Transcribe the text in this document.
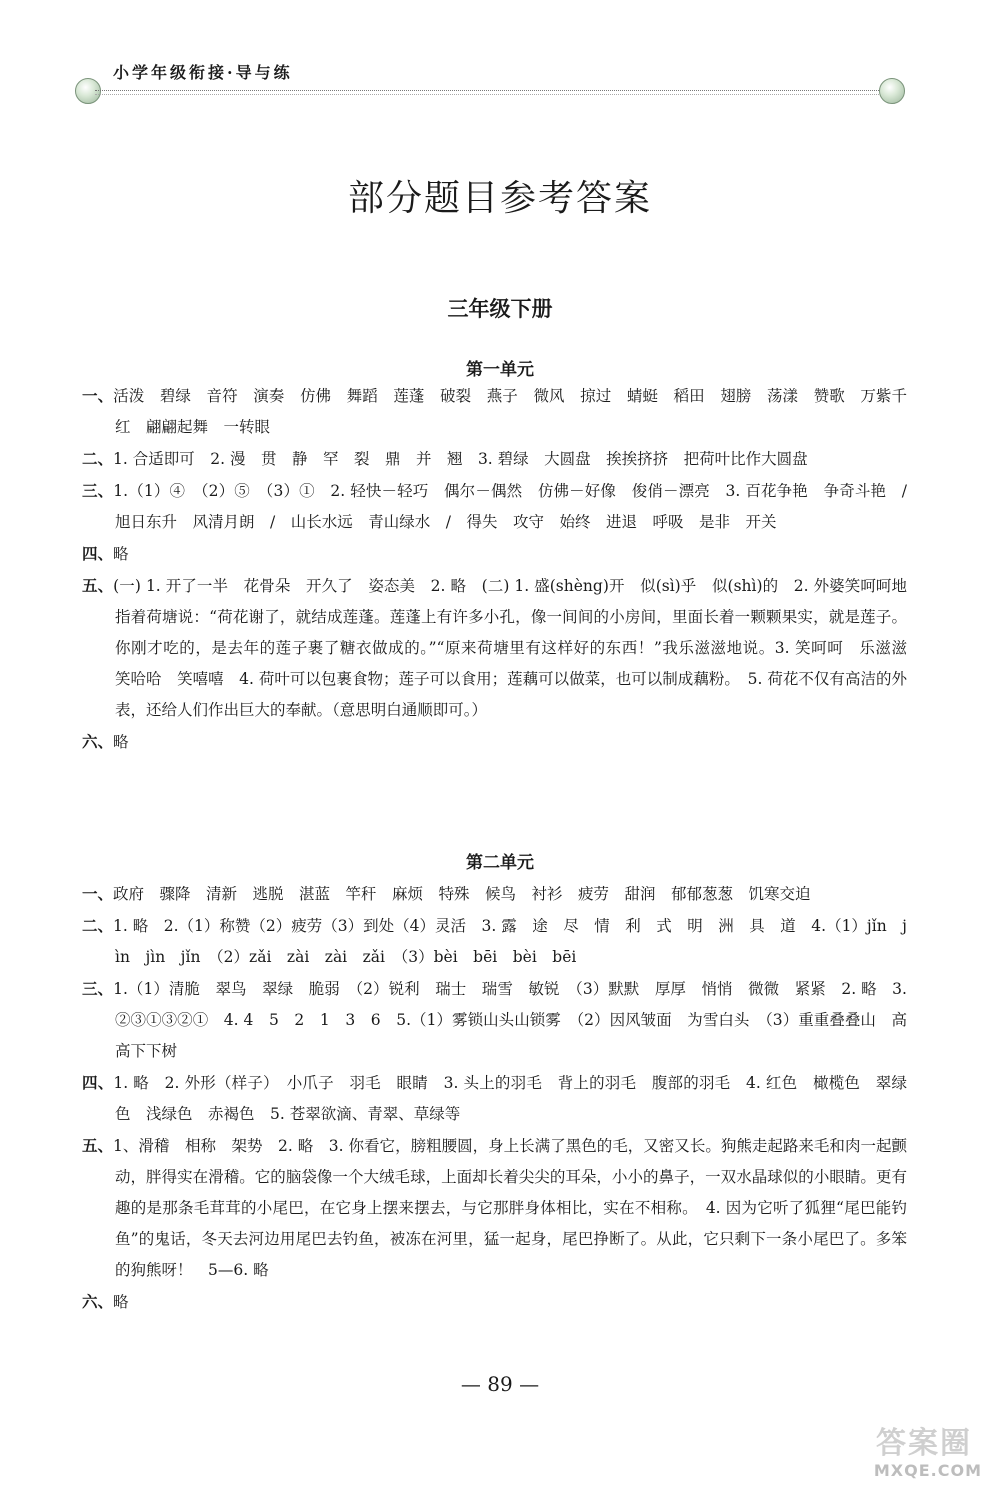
小学年级衔接·导与练
部分题目参考答案
三年级下册
第一单元
一、活泼　碧绿　音符　演奏　仿佛　舞蹈　莲蓬　破裂　燕子　微风　掠过　蜻蜓　稻田　翅膀　荡漾　赞歌　万紫千红　翩翩起舞　一转眼
二、1. 合适即可　2. 漫　贯　静　罕　裂　鼎　并　翘　3. 碧绿　大圆盘　挨挨挤挤　把荷叶比作大圆盘
三、1.（1）④　（2）⑤　（3）①　2. 轻快－轻巧　偶尔－偶然　仿佛－好像　俊俏－漂亮　3. 百花争艳　争奇斗艳　/　旭日东升　风清月朗　/　山长水远　青山绿水　/　得失　攻守　始终　进退　呼吸　是非　开关
四、略
五、(一) 1. 开了一半　花骨朵　开久了　姿态美　2. 略　(二) 1. 盛(shèng)开　似(sì)乎　似(shì)的　2. 外婆笑呵呵地指着荷塘说：“荷花谢了，就结成莲蓬。莲蓬上有许多小孔，像一间间的小房间，里面长着一颗颗果实，就是莲子。你刚才吃的，是去年的莲子裹了糖衣做成的。”“原来荷塘里有这样好的东西！”我乐滋滋地说。3. 笑呵呵　乐滋滋　笑哈哈　笑嘻嘻　4. 荷叶可以包裹食物；莲子可以食用；莲藕可以做菜，也可以制成藕粉。　5. 荷花不仅有高洁的外表，还给人们作出巨大的奉献。（意思明白通顺即可。）
六、略
第二单元
一、政府　骤降　清新　逃脱　湛蓝　竿秆　麻烦　特殊　候鸟　衬衫　疲劳　甜润　郁郁葱葱　饥寒交迫
二、1. 略　2.（1）称赞（2）疲劳（3）到处（4）灵活　3. 露　途　尽　情　利　式　明　洲　具　道　4.（1）jǐn　jìn　jìn　jǐn　（2）zǎi　zài　zài　zǎi　（3）bèi　bēi　bèi　bēi
三、1.（1）清脆　翠鸟　翠绿　脆弱　（2）锐利　瑞士　瑞雪　敏锐　（3）默默　厚厚　悄悄　微微　紧紧　2. 略　3. ②③①③②①　4. 4　5　2　1　3　6　5.（1）雾锁山头山锁雾　（2）因风皱面　为雪白头　（3）重重叠叠山　高高下下树
四、1. 略　2. 外形（样子）　小爪子　羽毛　眼睛　3. 头上的羽毛　背上的羽毛　腹部的羽毛　4. 红色　橄榄色　翠绿色　浅绿色　赤褐色　5. 苍翠欲滴、青翠、草绿等
五、1、滑稽　相称　架势　2. 略　3. 你看它，膀粗腰圆，身上长满了黑色的毛，又密又长。狗熊走起路来毛和肉一起颤动，胖得实在滑稽。它的脑袋像一个大绒毛球，上面却长着尖尖的耳朵，小小的鼻子，一双水晶球似的小眼睛。更有趣的是那条毛茸茸的小尾巴，在它身上摆来摆去，与它那胖身体相比，实在不相称。　4. 因为它听了狐狸“尾巴能钓鱼”的鬼话，冬天去河边用尾巴去钓鱼，被冻在河里，猛一起身，尾巴挣断了。从此，它只剩下一条小尾巴了。多笨的狗熊呀！　5—6. 略
六、略
— 89 —
答案圈
MXQE.COM
